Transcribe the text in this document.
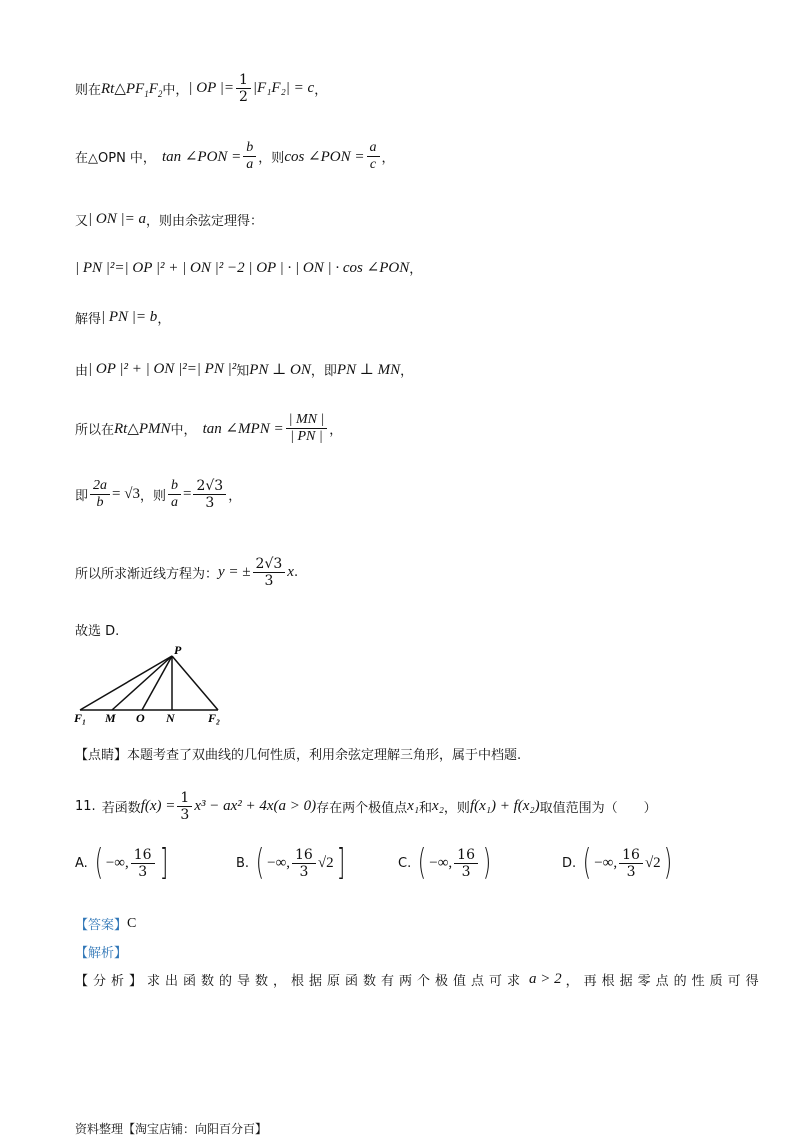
则在 $Rt\triangle PF_1F_2$ 中， | OP |= $\frac{1}{2} |F_1F_2| = c$ ，
在△OPN 中， tan ∠PON = $\frac{b}{a}$ ，则 cos ∠PON = $\frac{a}{c}$ ，
又 | ON |= a ，则由余弦定理得：
| PN |²=| OP |² + | ON |² −2 | OP | · | ON | · cos ∠PON ，
解得 | PN |= b ，
由 | OP |² + | ON |²=| PN |² 知 PN ⊥ ON ，即 PN ⊥ MN ，
所以在 Rt△PMN 中， tan ∠MPN = $\frac{| MN |}{| PN |}$ ，
即 $\frac{2a}{b} = √3$ ，则 $\frac{b}{a} = \frac{2√3}{3}$ ，
所以所求渐近线方程为： y = ± $\frac{2√3}{3}$ x .
故选 D.
P
F₁ M O N	F₂
【点睛】本题考查了双曲线的几何性质，利用余弦定理解三角形，属于中档题.
11. 若函数 $f(x) = \frac{1}{3} x^3 - ax^2 + 4x(a > 0)$ 存在两个极值点 x₁ 和 x₂ ，则 f(x₁) + f(x₂) 取值范围为（　　）
A. ( −∞, $\frac{16}{3}$ ]	B. ( −∞, $\frac{16}{3} √2$ ]	C. ( −∞, $\frac{16}{3}$ )	D. ( −∞, $\frac{16}{3} √2$ )
【答案】 C
【解析】
【分析】求出函数的导数，根据原函数有两个极值点可求 a > 2 ，再根据零点的性质可得
资料整理【淘宝店铺：向阳百分百】
